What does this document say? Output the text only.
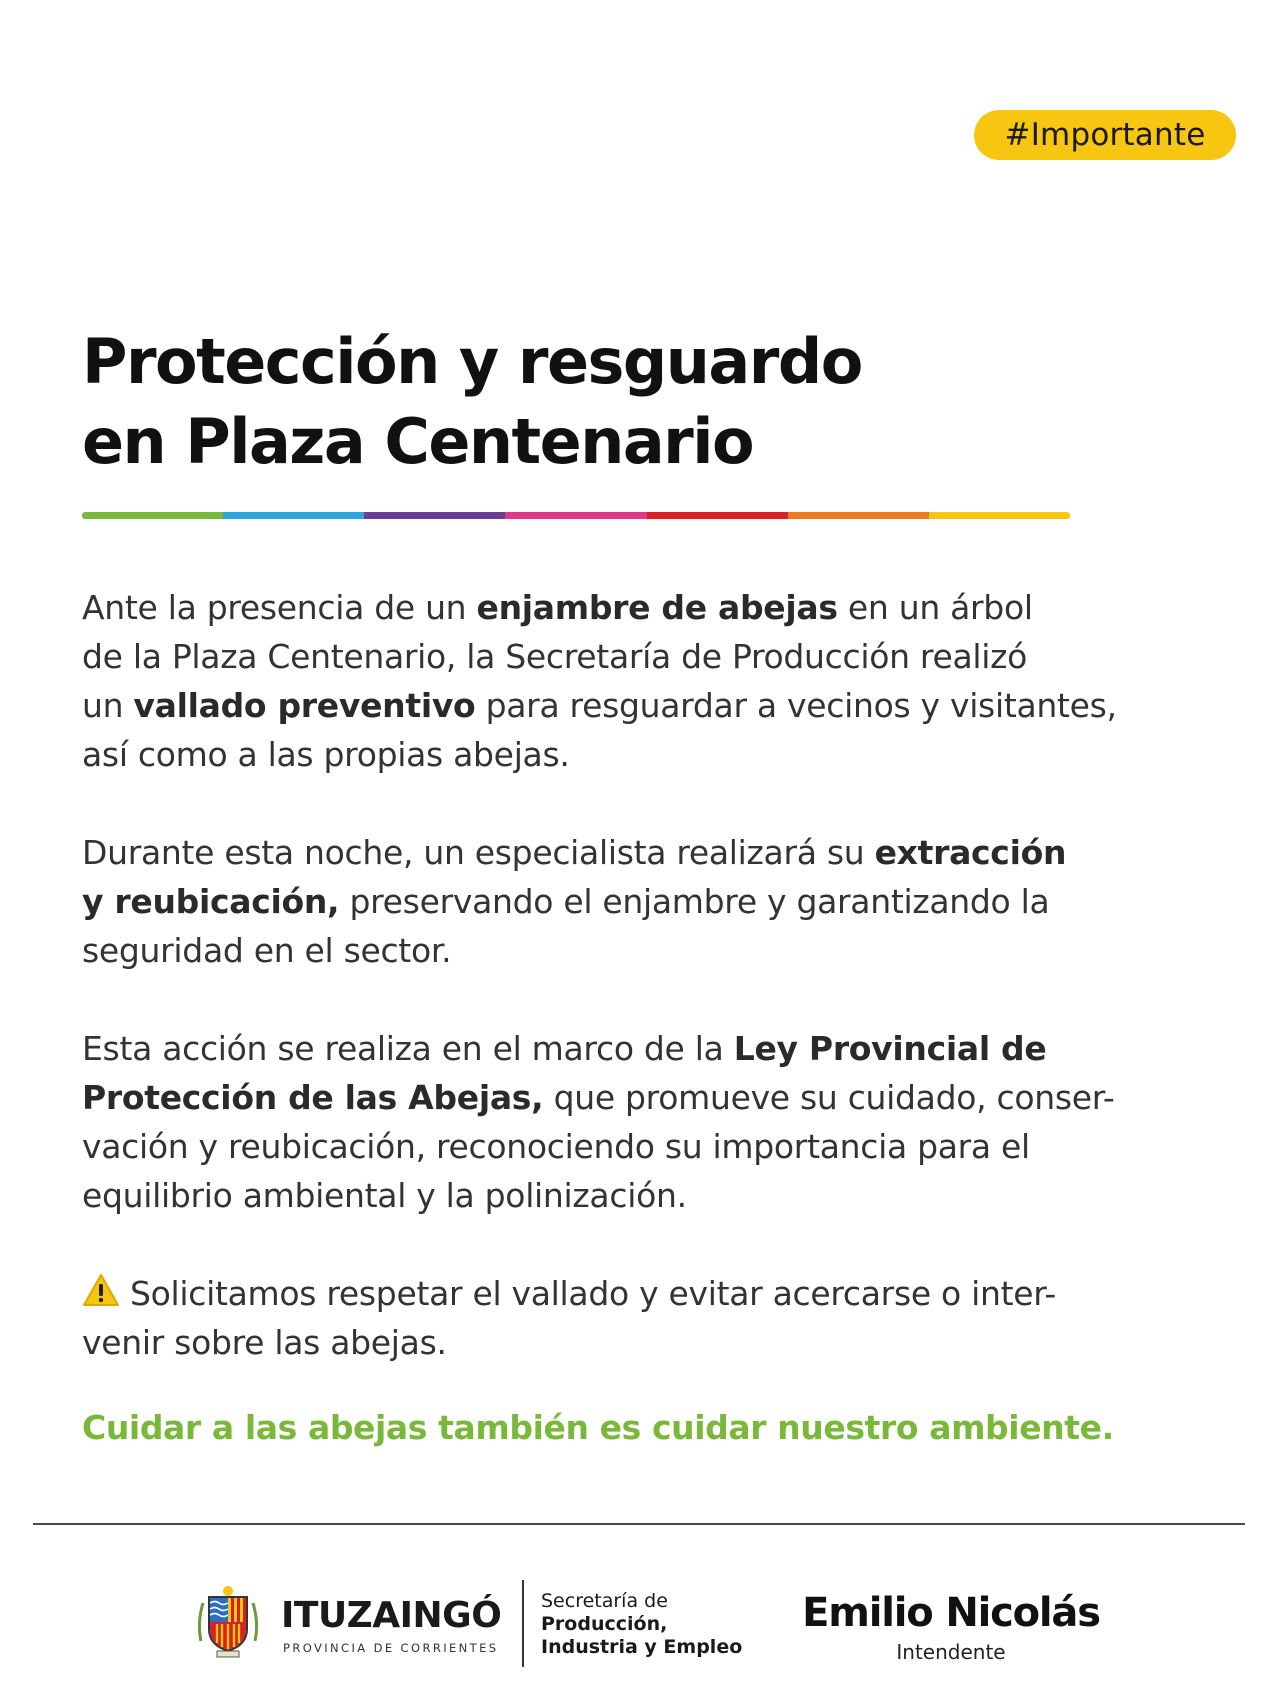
#Importante
Protección y resguardo
en Plaza Centenario

Ante la presencia de un enjambre de abejas en un árbol
de la Plaza Centenario, la Secretaría de Producción realizó
un vallado preventivo para resguardar a vecinos y visitantes,
así como a las propias abejas.

Durante esta noche, un especialista realizará su extracción
y reubicación, preservando el enjambre y garantizando la
seguridad en el sector.

Esta acción se realiza en el marco de la Ley Provincial de
Protección de las Abejas, que promueve su cuidado, conser-
vación y reubicación, reconociendo su importancia para el
equilibrio ambiental y la polinización.

Solicitamos respetar el vallado y evitar acercarse o inter-
venir sobre las abejas.

Cuidar a las abejas también es cuidar nuestro ambiente.

ITUZAINGÓ
PROVINCIA DE CORRIENTES
Secretaría de
Producción,
Industria y Empleo
Emilio Nicolás
Intendente
